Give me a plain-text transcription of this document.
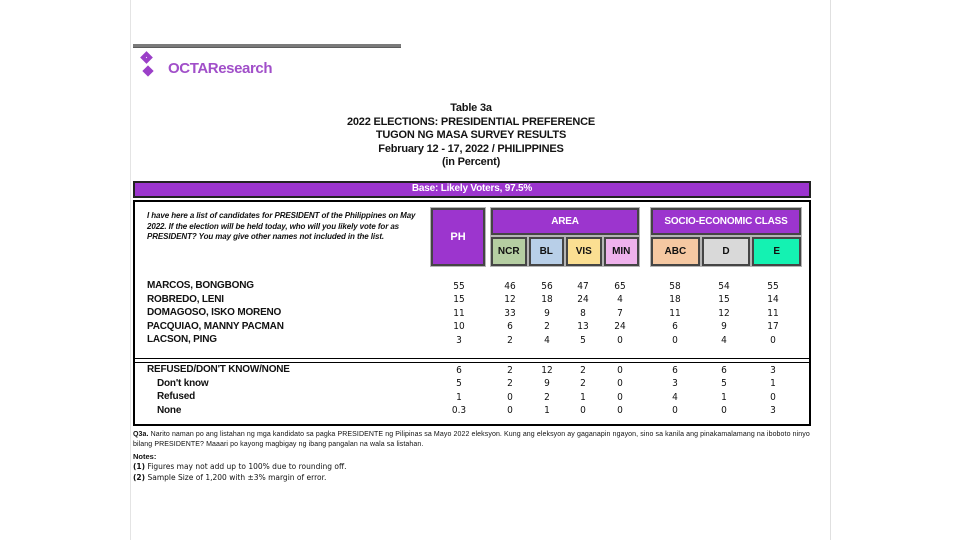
OCTAResearch
Table 3a
2022 ELECTIONS: PRESIDENTIAL PREFERENCE
TUGON NG MASA SURVEY RESULTS
February 12 - 17, 2022 / PHILIPPINES
(in Percent)
Base: Likely Voters, 97.5%
I have here a list of candidates for PRESIDENT of the Philippines on May 2022. If the election will be held today, who will you likely vote for as PRESIDENT? You may give other names not included in the list.	PH
AREA
NCR	BL	VIS	MIN
SOCIO-ECONOMIC CLASS
ABC	D	E
MARCOS, BONGBONG	55	46	56	47	65	58	54	55
ROBREDO, LENI	15	12	18	24	4	18	15	14
DOMAGOSO, ISKO MORENO	11	33	9	8	7	11	12	11
PACQUIAO, MANNY PACMAN	10	6	2	13	24	6	9	17
LACSON, PING	3	2	4	5	0	0	4	0
REFUSED/DON'T KNOW/NONE	6	2	12	2	0	6	6	3
Don't know	5	2	9	2	0	3	5	1
Refused	1	0	2	1	0	4	1	0
None	0.3	0	1	0	0	0	0	3
Q3a. Narito naman po ang listahan ng mga kandidato sa pagka PRESIDENTE ng Pilipinas sa Mayo 2022 eleksyon. Kung ang eleksyon ay gaganapin ngayon, sino sa kanila ang pinakamalamang na iboboto ninyo bilang PRESIDENTE? Maaari po kayong magbigay ng ibang pangalan na wala sa listahan.
Notes:
(1) Figures may not add up to 100% due to rounding off.
(2) Sample Size of 1,200 with ±3% margin of error.
